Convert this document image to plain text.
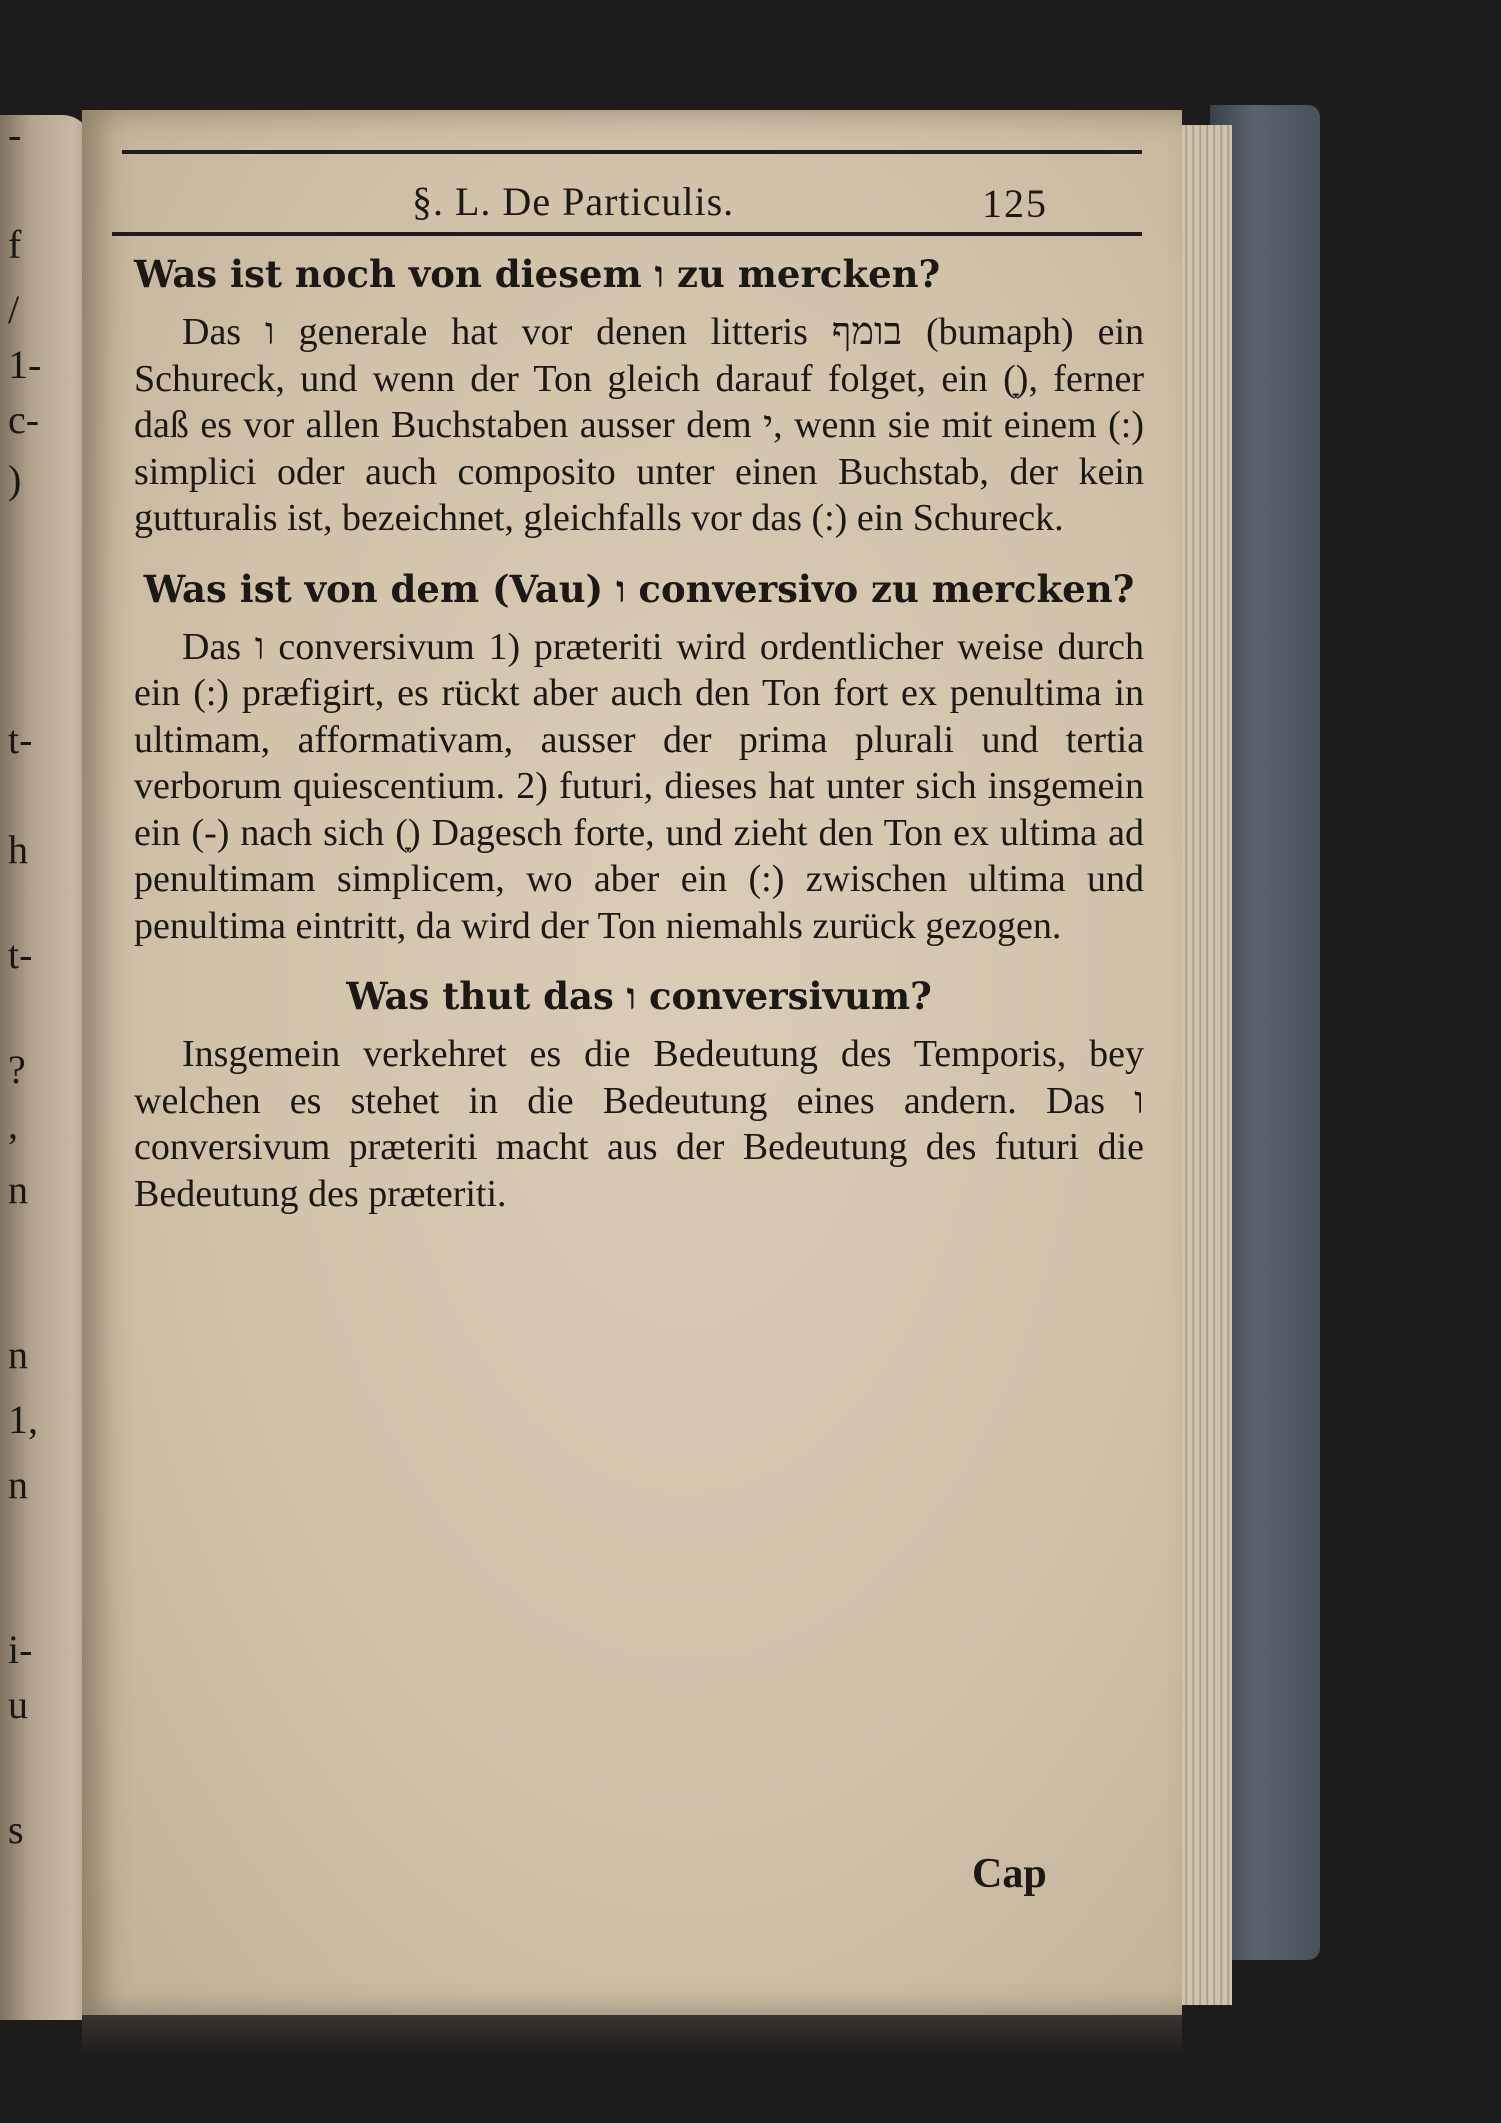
-
f
/
1-
c-
)
t-
h
t-
?
,
n
n
1,
n
i-
u
s
§. L. De Particulis.	125
Was ist noch von diesem ו zu mercken?

Das ו generale hat vor denen litteris בומף (bumaph) ein Schureck, und wenn der Ton gleich darauf folget, ein (ָ), ferner daß es vor allen Buchstaben ausser dem י, wenn sie mit einem (:) simplici oder auch composito unter einen Buchstab, der kein gutturalis ist, bezeichnet, gleichfalls vor das (:) ein Schureck.

Was ist von dem (Vau) ו conversivo zu mercken?

Das ו conversivum 1) præteriti wird ordentlicher weise durch ein (:) præfigirt, es rückt aber auch den Ton fort ex penultima in ultimam, afformativam, ausser der prima plurali und tertia verborum quiescentium. 2) futuri, dieses hat unter sich insgemein ein (-) nach sich (ָ) Dagesch forte, und zieht den Ton ex ultima ad penultimam simplicem, wo aber ein (:) zwischen ultima und penultima eintritt, da wird der Ton niemahls zurück gezogen.

Was thut das ו conversivum?

Insgemein verkehret es die Bedeutung des Temporis, bey welchen es stehet in die Bedeutung eines andern. Das ו conversivum præteriti macht aus der Bedeutung des futuri die Bedeutung des præteriti.

Cap
